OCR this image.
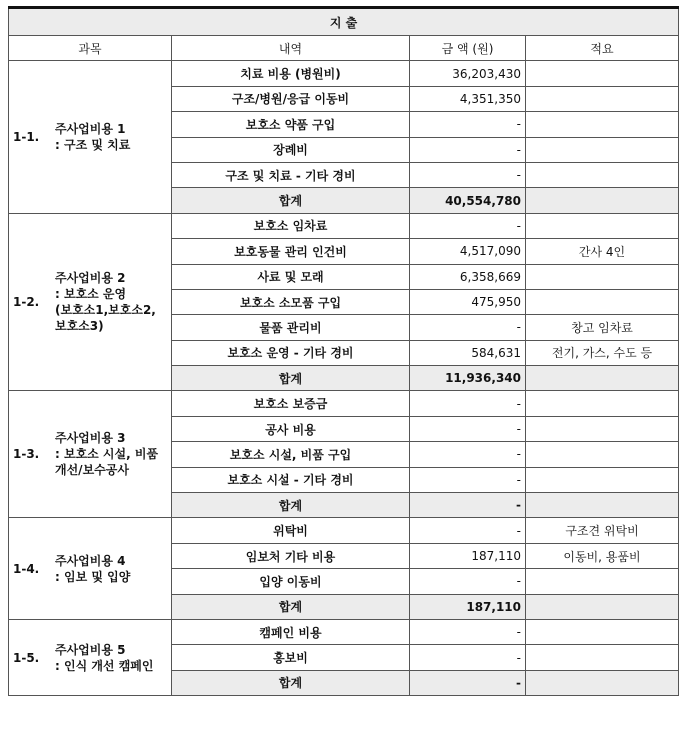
지 출			
과목	내역	금 액 (원)	적요

1-1.
주사업비용 1
: 구조 및 치료	치료 비용 (병원비)	36,203,430	
	구조/병원/응급 이동비	4,351,350	
	보호소 약품 구입	-	
	장례비	-	
	구조 및 치료 - 기타 경비	-	
	합계	40,554,780	

1-2.
주사업비용 2
: 보호소 운영
(보호소1,보호소2,
보호소3)	보호소 임차료	-	
	보호동물 관리 인건비	4,517,090	간사 4인
	사료 및 모래	6,358,669	
	보호소 소모품 구입	475,950	
	물품 관리비	-	창고 임차료
	보호소 운영 - 기타 경비	584,631	전기, 가스, 수도 등
	합계	11,936,340	

1-3.
주사업비용 3
: 보호소 시설, 비품
개선/보수공사	보호소 보증금	-	
	공사 비용	-	
	보호소 시설, 비품 구입	-	
	보호소 시설 - 기타 경비	-	
	합계	-	

1-4.
주사업비용 4
: 임보 및 입양	위탁비	-	구조견 위탁비
	임보처 기타 비용	187,110	이동비, 용품비
	입양 이동비	-	
	합계	187,110	

1-5.
주사업비용 5
: 인식 개선 캠페인	캠페인 비용	-	
	홍보비	-	
	합계	-	
